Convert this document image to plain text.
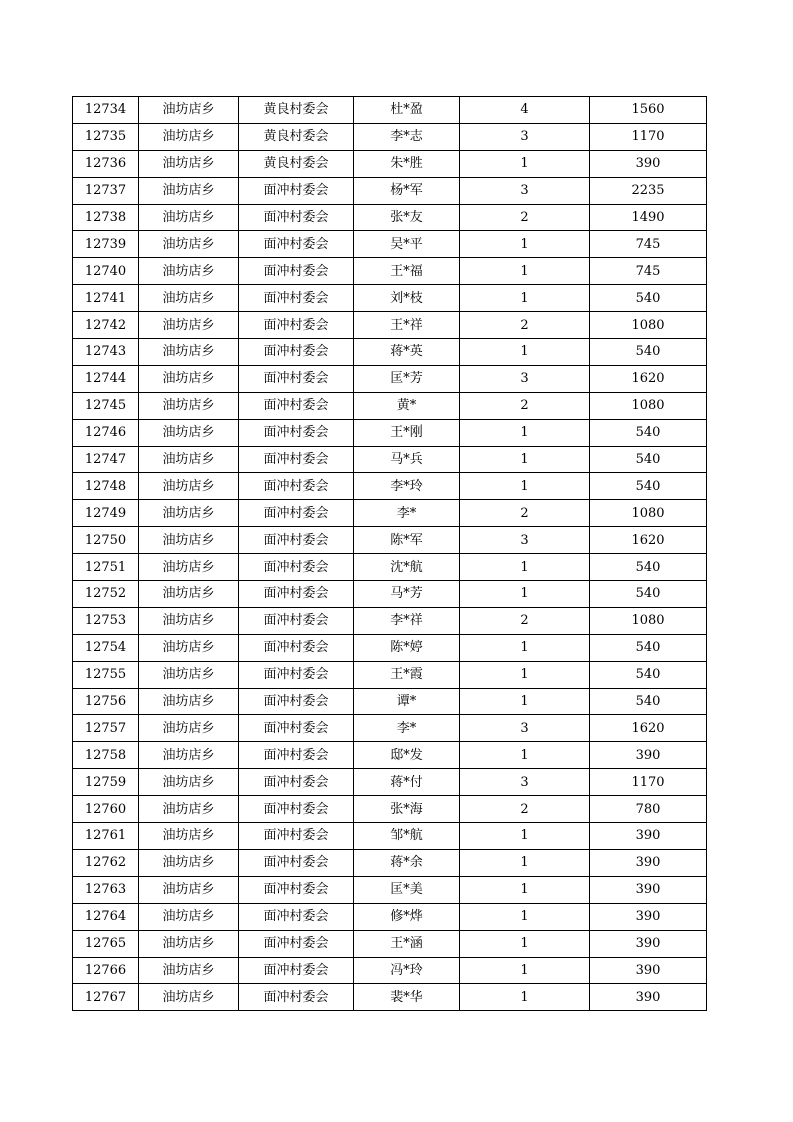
12734	油坊店乡	黄良村委会	杜*盈	4	1560
12735	油坊店乡	黄良村委会	李*志	3	1170
12736	油坊店乡	黄良村委会	朱*胜	1	390
12737	油坊店乡	面冲村委会	杨*军	3	2235
12738	油坊店乡	面冲村委会	张*友	2	1490
12739	油坊店乡	面冲村委会	吴*平	1	745
12740	油坊店乡	面冲村委会	王*福	1	745
12741	油坊店乡	面冲村委会	刘*枝	1	540
12742	油坊店乡	面冲村委会	王*祥	2	1080
12743	油坊店乡	面冲村委会	蒋*英	1	540
12744	油坊店乡	面冲村委会	匡*芳	3	1620
12745	油坊店乡	面冲村委会	黄*	2	1080
12746	油坊店乡	面冲村委会	王*刚	1	540
12747	油坊店乡	面冲村委会	马*兵	1	540
12748	油坊店乡	面冲村委会	李*玲	1	540
12749	油坊店乡	面冲村委会	李*	2	1080
12750	油坊店乡	面冲村委会	陈*军	3	1620
12751	油坊店乡	面冲村委会	沈*航	1	540
12752	油坊店乡	面冲村委会	马*芳	1	540
12753	油坊店乡	面冲村委会	李*祥	2	1080
12754	油坊店乡	面冲村委会	陈*婷	1	540
12755	油坊店乡	面冲村委会	王*霞	1	540
12756	油坊店乡	面冲村委会	谭*	1	540
12757	油坊店乡	面冲村委会	李*	3	1620
12758	油坊店乡	面冲村委会	邸*发	1	390
12759	油坊店乡	面冲村委会	蒋*付	3	1170
12760	油坊店乡	面冲村委会	张*海	2	780
12761	油坊店乡	面冲村委会	邹*航	1	390
12762	油坊店乡	面冲村委会	蒋*余	1	390
12763	油坊店乡	面冲村委会	匡*美	1	390
12764	油坊店乡	面冲村委会	修*烨	1	390
12765	油坊店乡	面冲村委会	王*涵	1	390
12766	油坊店乡	面冲村委会	冯*玲	1	390
12767	油坊店乡	面冲村委会	裴*华	1	390
